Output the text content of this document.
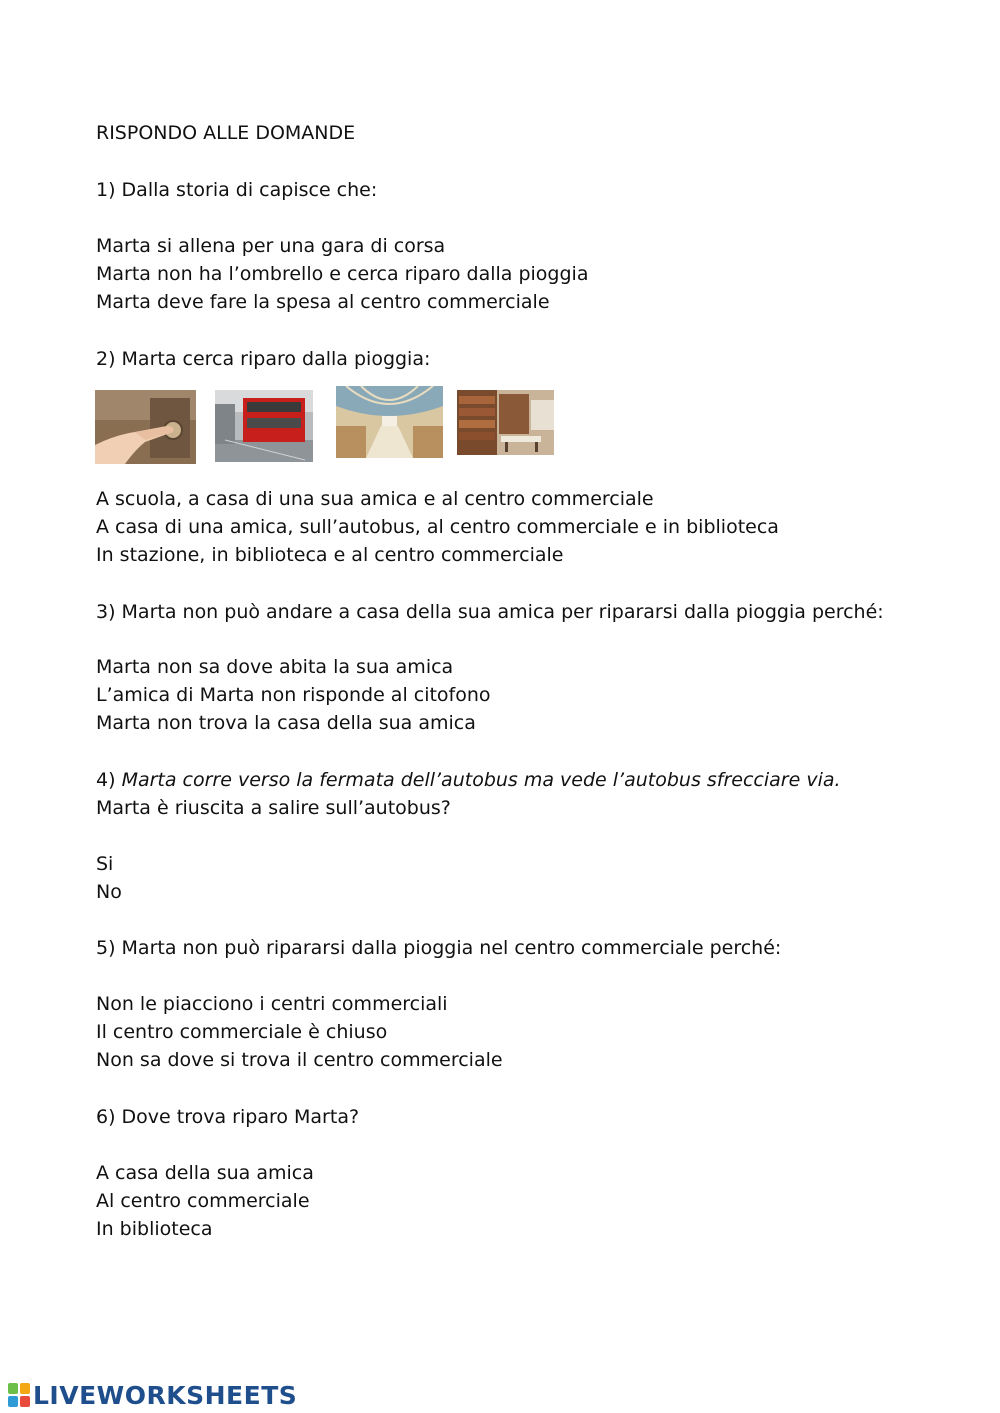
RISPONDO ALLE DOMANDE
1) Dalla storia di capisce che:
Marta si allena per una gara di corsa
Marta non ha l’ombrello e cerca riparo dalla pioggia
Marta deve fare la spesa al centro commerciale
2) Marta cerca riparo dalla pioggia:
A scuola, a casa di una sua amica e al centro commerciale
A casa di una amica, sull’autobus, al centro commerciale e in biblioteca
In stazione, in biblioteca e al centro commerciale
3) Marta non può andare a casa della sua amica per ripararsi dalla pioggia perché:
Marta non sa dove abita la sua amica
L’amica di Marta non risponde al citofono
Marta non trova la casa della sua amica
4) Marta corre verso la fermata dell’autobus ma vede l’autobus sfrecciare via.
Marta è riuscita a salire sull’autobus?
Si
No
5) Marta non può ripararsi dalla pioggia nel centro commerciale perché:
Non le piacciono i centri commerciali
Il centro commerciale è chiuso
Non sa dove si trova il centro commerciale
6) Dove trova riparo Marta?
A casa della sua amica
Al centro commerciale
In biblioteca
LIVEWORKSHEETS
